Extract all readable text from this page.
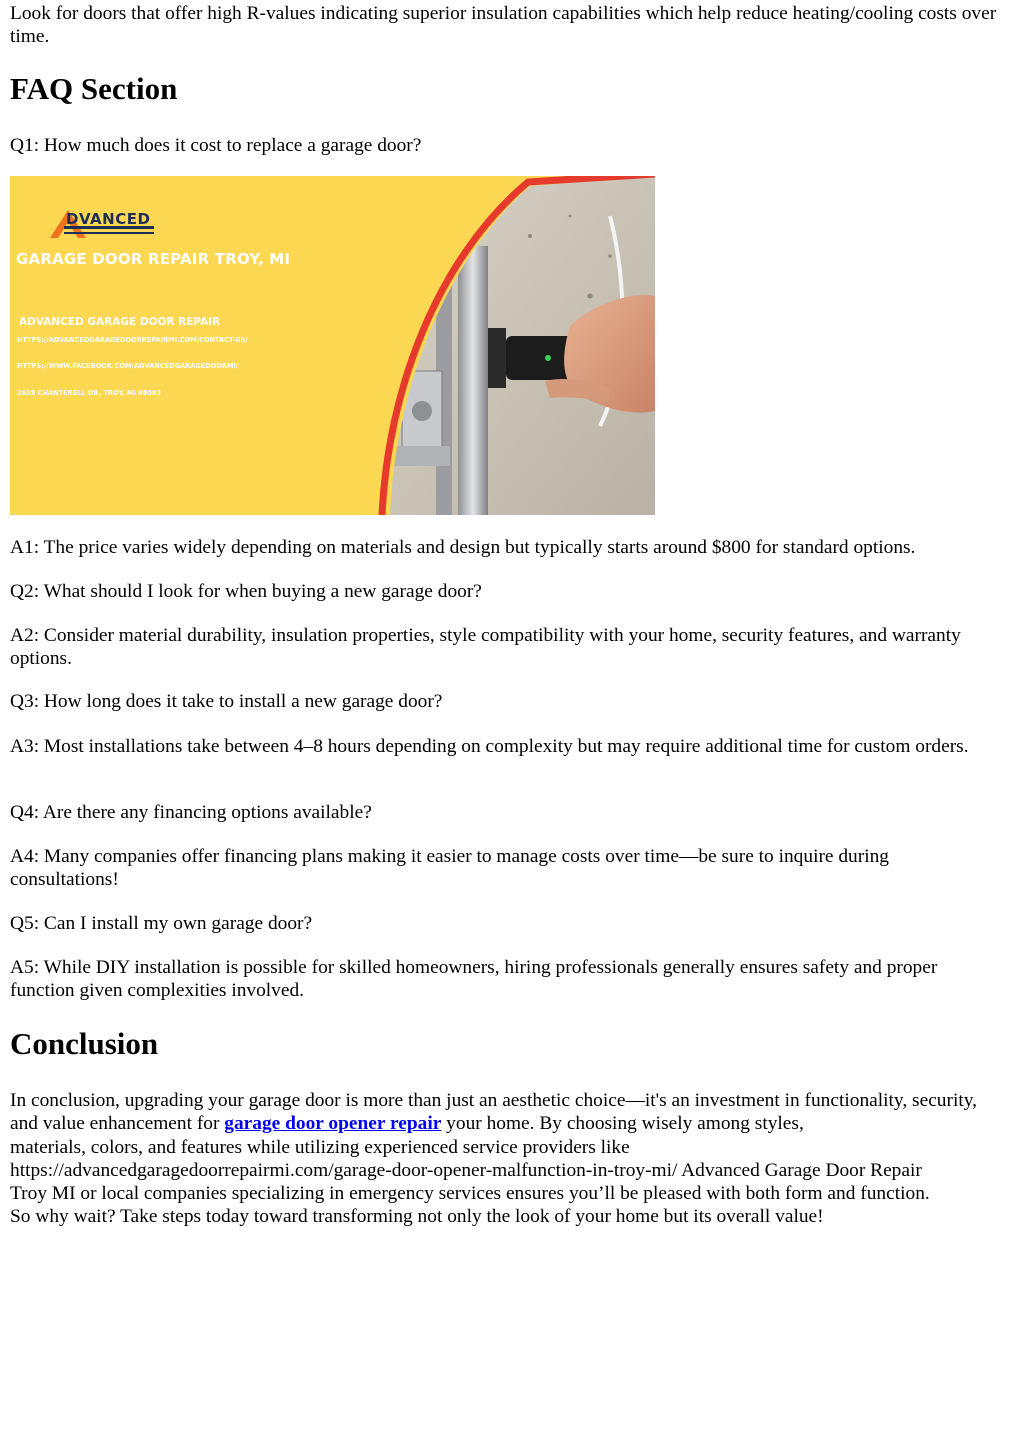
Look for doors that offer high R-values indicating superior insulation capabilities which help reduce heating/cooling costs over time.

FAQ Section

Q1: How much does it cost to replace a garage door?

DVANCED
GARAGE DOOR REPAIR TROY, MI
ADVANCED GARAGE DOOR REPAIR
HTTPS://ADVANCEDGARAGEDOORREPAIRMI.COM/CONTACT-US/
HTTPS://WWW.FACEBOOK.COM/ADVANCEDGARAGEDOORMI/
2628 CHANTERELL DR, TROY, MI 48083

A1: The price varies widely depending on materials and design but typically starts around $800 for standard options.

Q2: What should I look for when buying a new garage door?

A2: Consider material durability, insulation properties, style compatibility with your home, security features, and warranty options.

Q3: How long does it take to install a new garage door?

A3: Most installations take between 4–8 hours depending on complexity but may require additional time for custom orders.

Q4: Are there any financing options available?

A4: Many companies offer financing plans making it easier to manage costs over time—be sure to inquire during consultations!

Q5: Can I install my own garage door?

A5: While DIY installation is possible for skilled homeowners, hiring professionals generally ensures safety and proper function given complexities involved.

Conclusion

In conclusion, upgrading your garage door is more than just an aesthetic choice—it's an investment in functionality, security, and value enhancement for garage door opener repair your home. By choosing wisely among styles,

materials, colors, and features while utilizing experienced service providers like

https://advancedgaragedoorrepairmi.com/garage-door-opener-malfunction-in-troy-mi/ Advanced Garage Door Repair

Troy MI or local companies specializing in emergency services ensures you’ll be pleased with both form and function.

So why wait? Take steps today toward transforming not only the look of your home but its overall value!
